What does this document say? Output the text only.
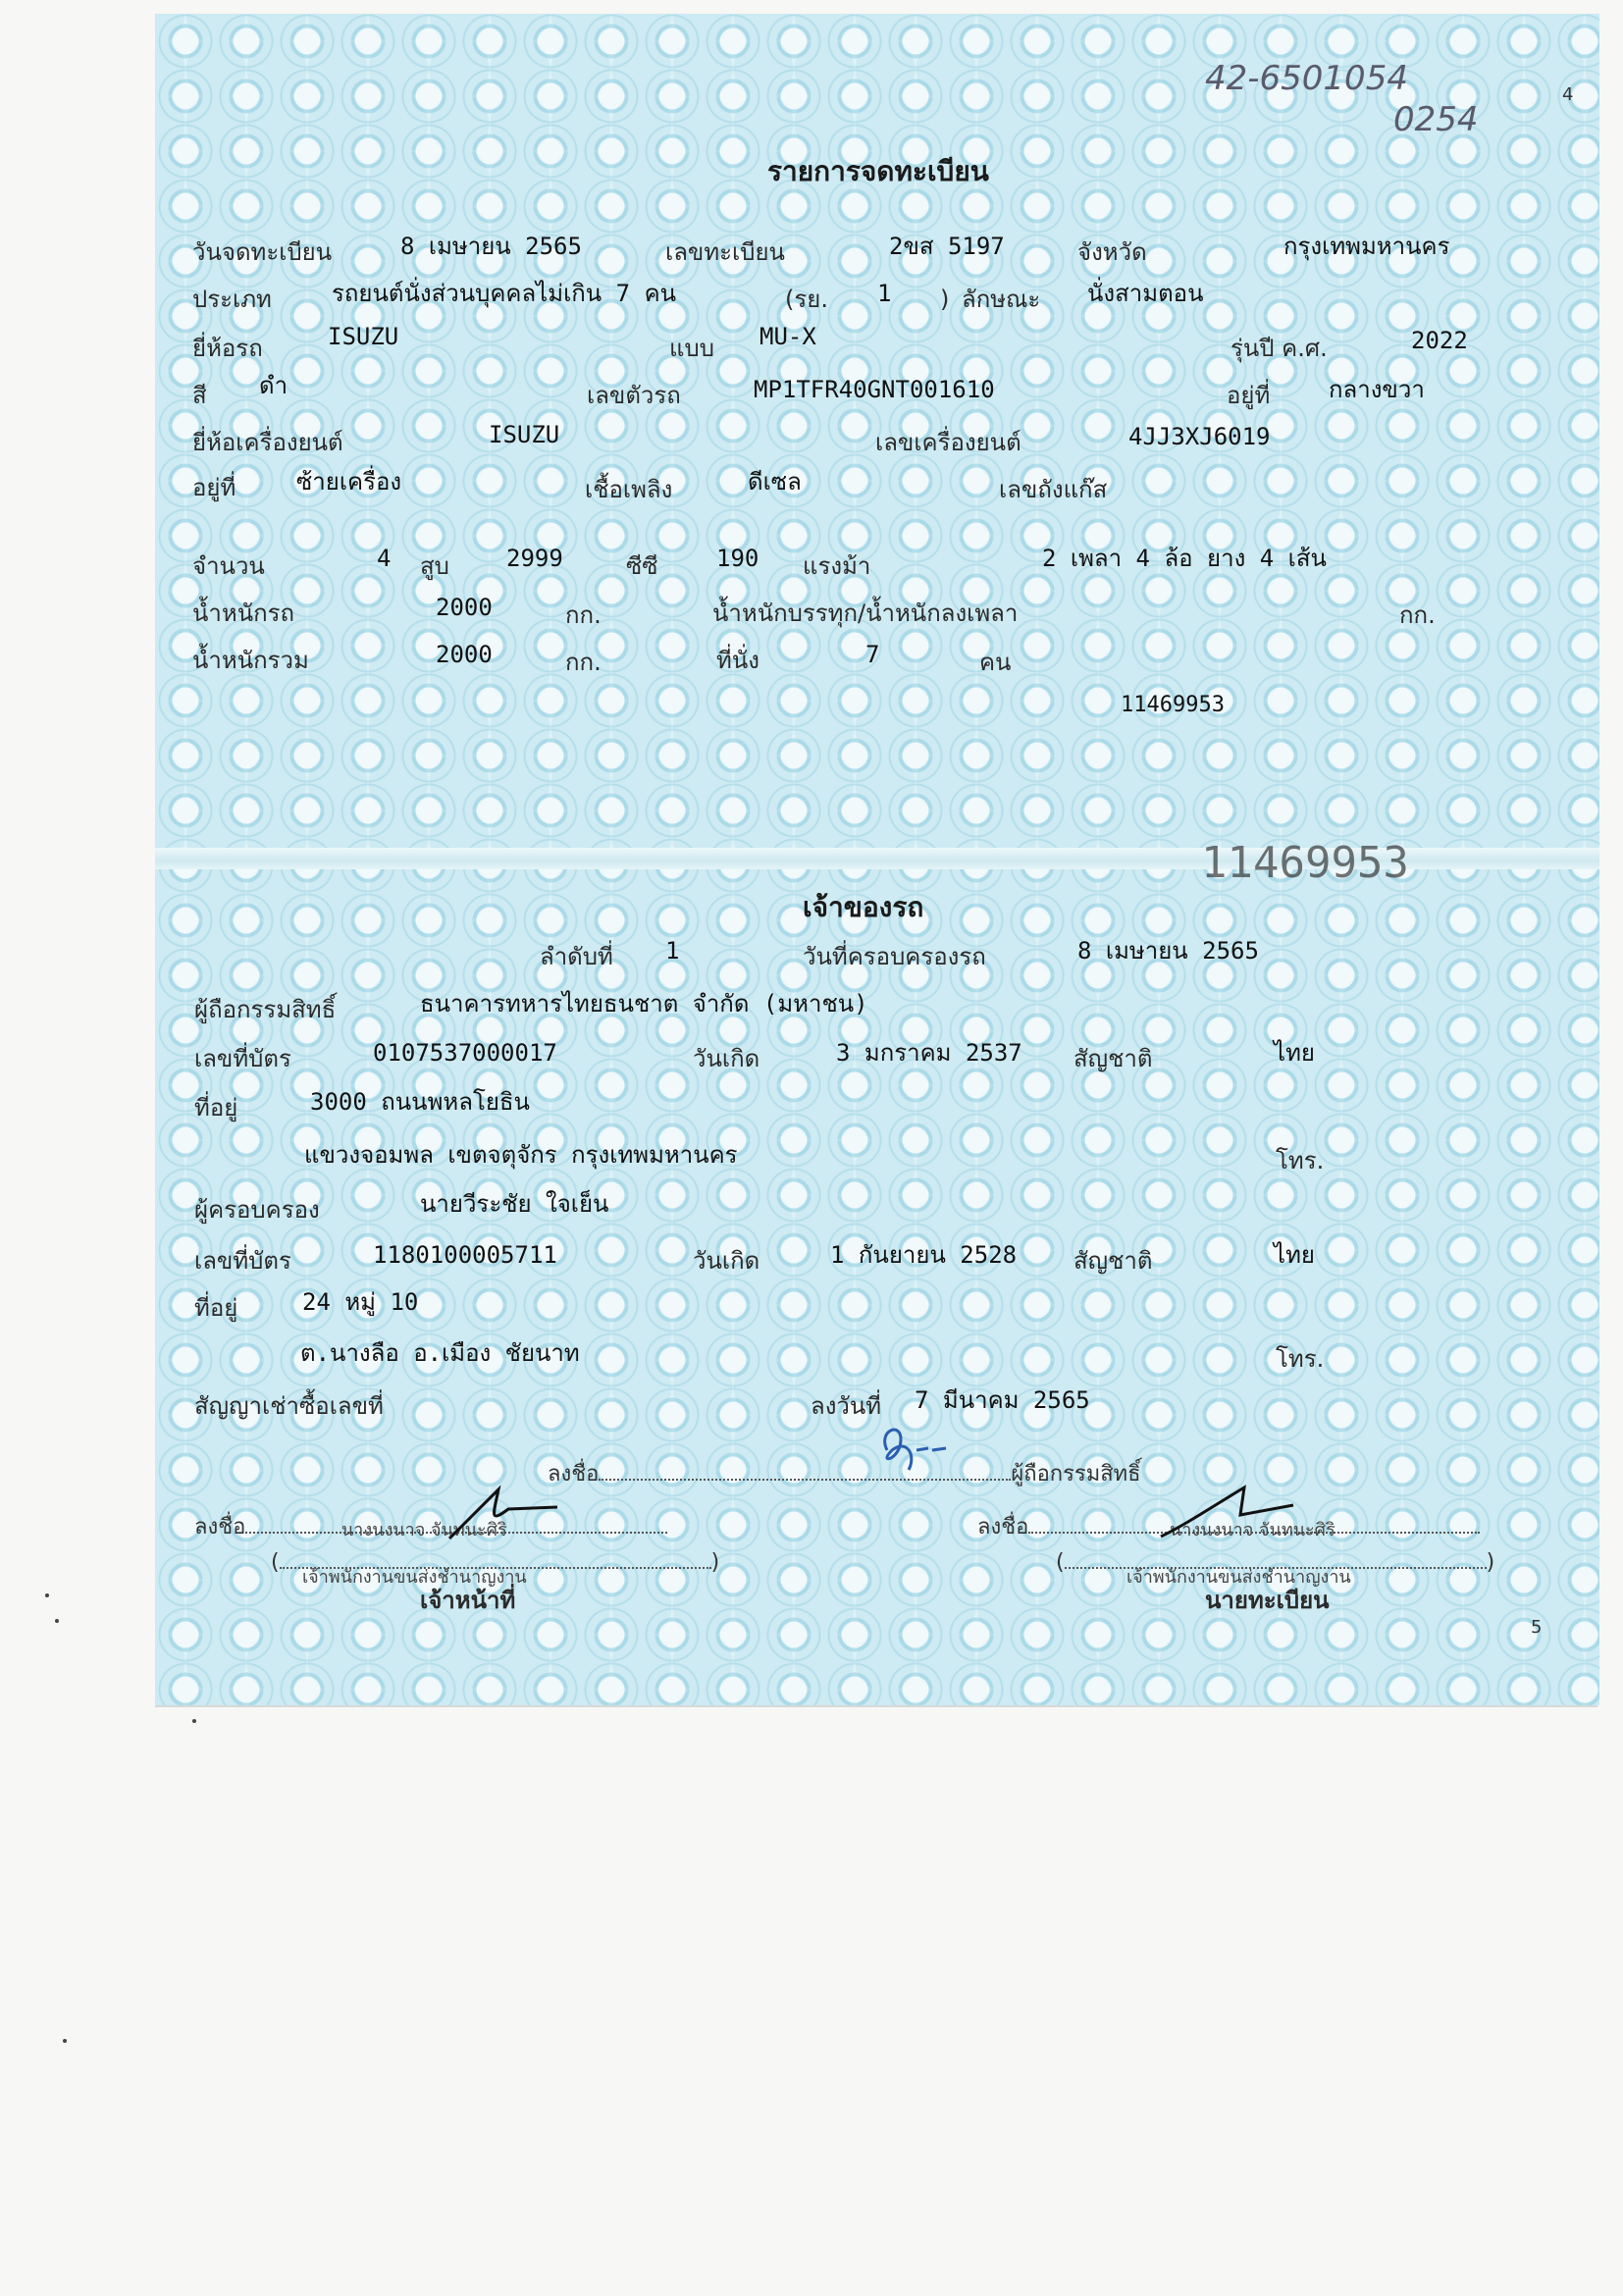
42-6501054
0254
4
รายการจดทะเบียน
วันจดทะเบียน	8 เมษายน 2565	เลขทะเบียน	2ขส 5197	จังหวัด	กรุงเทพมหานคร
ประเภท	รถยนต์นั่งส่วนบุคคลไม่เกิน 7 คน	(รย. 1 ) ลักษณะ นั่งสามตอน
ยี่ห้อรถ	ISUZU	แบบ MU-X	รุ่นปี ค.ศ.	2022
สี ดำ	เลขตัวรถ	MP1TFR40GNT001610	อยู่ที่ กลางขวา
ยี่ห้อเครื่องยนต์	ISUZU	เลขเครื่องยนต์	4JJ3XJ6019
อยู่ที่	ซ้ายเครื่อง	เชื้อเพลิง	ดีเซล	เลขถังแก๊ส
จำนวน	4 สูบ 2999	ซีซี 190 แรงม้า	2 เพลา 4 ล้อ ยาง 4 เส้น
น้ำหนักรถ	2000	กก.	น้ำหนักบรรทุก/น้ำหนักลงเพลา	กก.
น้ำหนักรวม	2000	กก.	ที่นั่ง	7	คน
11469953
11469953
เจ้าของรถ
ลำดับที่ 1	วันที่ครอบครองรถ	8 เมษายน 2565
ผู้ถือกรรมสิทธิ์	ธนาคารทหารไทยธนชาต จำกัด (มหาชน)
เลขที่บัตร	0107537000017	วันเกิด	3 มกราคม 2537 สัญชาติ	ไทย
ที่อยู่	3000 ถนนพหลโยธิน
แขวงจอมพล เขตจตุจักร กรุงเทพมหานคร	โทร.
ผู้ครอบครอง	นายวีระชัย ใจเย็น
เลขที่บัตร	1180100005711	วันเกิด	1 กันยายน 2528 สัญชาติ	ไทย
ที่อยู่	24 หมู่ 10
ต.นางลือ อ.เมือง ชัยนาท	โทร.
สัญญาเช่าซื้อเลขที่	ลงวันที่ 7 มีนาคม 2565
ลงชื่อ	ผู้ถือกรรมสิทธิ์
ลงชื่อ	นางนงนาจ จันทนะศิริ
(	)
เจ้าพนักงานขนส่งชำนาญงาน
เจ้าหน้าที่
ลงชื่อ	นางนงนาจ จันทนะศิริ
(	)
เจ้าพนักงานขนส่งชำนาญงาน
นายทะเบียน
5
